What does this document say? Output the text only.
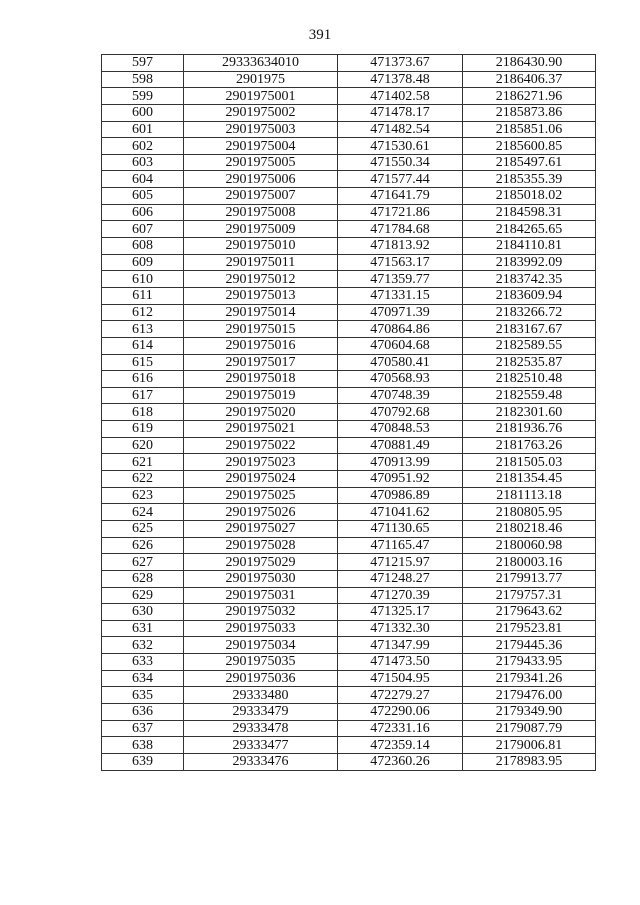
391
597	29333634010	471373.67	2186430.90
598	2901975	471378.48	2186406.37
599	2901975001	471402.58	2186271.96
600	2901975002	471478.17	2185873.86
601	2901975003	471482.54	2185851.06
602	2901975004	471530.61	2185600.85
603	2901975005	471550.34	2185497.61
604	2901975006	471577.44	2185355.39
605	2901975007	471641.79	2185018.02
606	2901975008	471721.86	2184598.31
607	2901975009	471784.68	2184265.65
608	2901975010	471813.92	2184110.81
609	2901975011	471563.17	2183992.09
610	2901975012	471359.77	2183742.35
611	2901975013	471331.15	2183609.94
612	2901975014	470971.39	2183266.72
613	2901975015	470864.86	2183167.67
614	2901975016	470604.68	2182589.55
615	2901975017	470580.41	2182535.87
616	2901975018	470568.93	2182510.48
617	2901975019	470748.39	2182559.48
618	2901975020	470792.68	2182301.60
619	2901975021	470848.53	2181936.76
620	2901975022	470881.49	2181763.26
621	2901975023	470913.99	2181505.03
622	2901975024	470951.92	2181354.45
623	2901975025	470986.89	2181113.18
624	2901975026	471041.62	2180805.95
625	2901975027	471130.65	2180218.46
626	2901975028	471165.47	2180060.98
627	2901975029	471215.97	2180003.16
628	2901975030	471248.27	2179913.77
629	2901975031	471270.39	2179757.31
630	2901975032	471325.17	2179643.62
631	2901975033	471332.30	2179523.81
632	2901975034	471347.99	2179445.36
633	2901975035	471473.50	2179433.95
634	2901975036	471504.95	2179341.26
635	29333480	472279.27	2179476.00
636	29333479	472290.06	2179349.90
637	29333478	472331.16	2179087.79
638	29333477	472359.14	2179006.81
639	29333476	472360.26	2178983.95
